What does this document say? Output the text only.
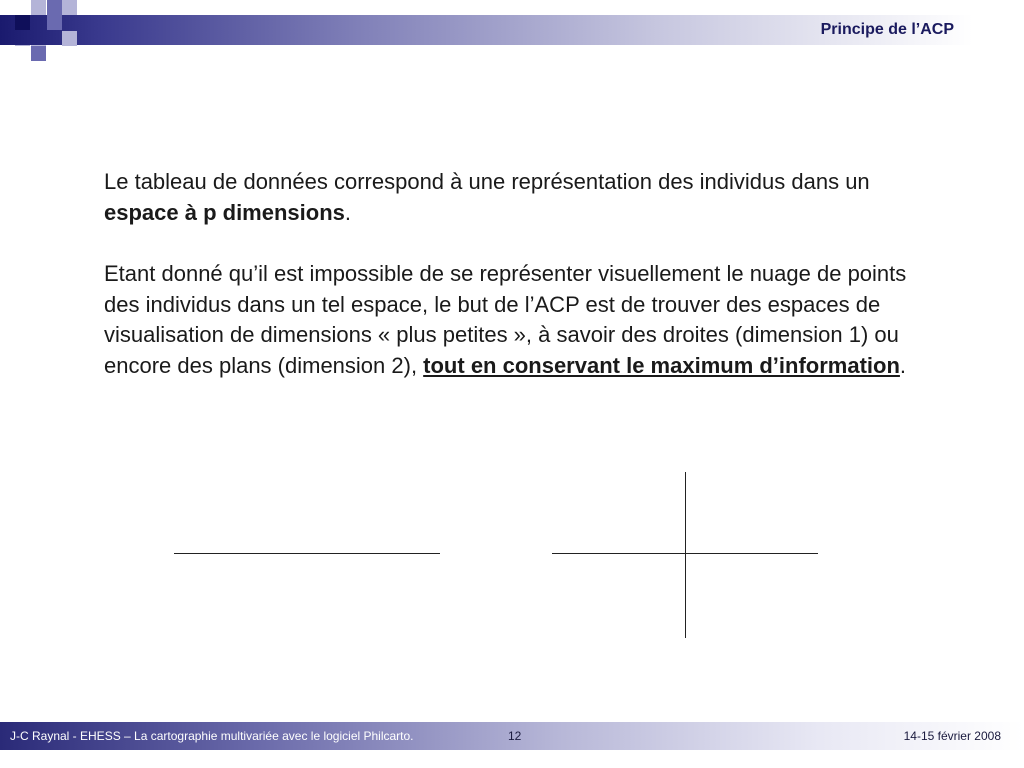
Principe de l’ACP

Le tableau de données correspond à une représentation des individus dans un espace à p dimensions.

Etant donné qu’il est impossible de se représenter visuellement le nuage de points des individus dans un tel espace, le but de l’ACP est de trouver des espaces de visualisation de dimensions « plus petites », à savoir des droites (dimension 1) ou encore des plans (dimension 2), tout en conservant le maximum d’information.

J-C Raynal - EHESS – La cartographie multivariée avec le logiciel Philcarto.	12	14-15 février 2008
